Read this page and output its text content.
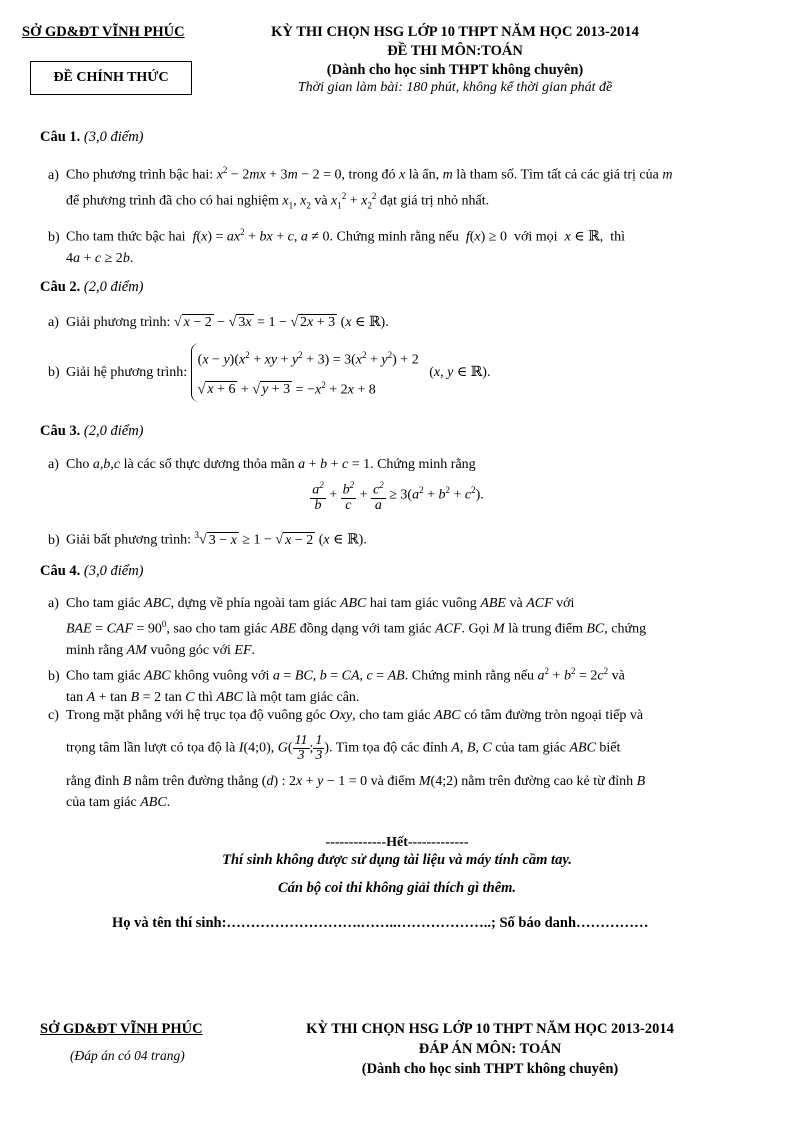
SỞ GD&ĐT VĨNH PHÚC	KỲ THI CHỌN HSG LỚP 10 THPT NĂM HỌC 2013-2014
ĐỀ THI MÔN:TOÁN
(Dành cho học sinh THPT không chuyên)
Thời gian làm bài: 180 phút, không kể thời gian phát đề
ĐỀ CHÍNH THỨC
Câu 1. (3,0 điểm)
a) Cho phương trình bậc hai: $x^2 - 2mx + 3m - 2 = 0$, trong đó x là ẩn, m là tham số. Tìm tất cả các giá trị của m
để phương trình đã cho có hai nghiệm $x_1$, $x_2$ và $x_1^2 + x_2^2$ đạt giá trị nhỏ nhất.
b) Cho tam thức bậc hai  $f(x) = ax^2$ + bx + c, a ≠ 0. Chứng minh rằng nếu  f(x) ≥ 0  với mọi  x ∈ ℝ,  thì
4a + c ≥ 2b.
Câu 2. (2,0 điểm)
a) Giải phương trình: √ x − 2 − √ 3x = 1 − √ 2x + 3 (x ∈ ℝ).
b) Giải hệ phương trình:
$(x - y)(x^2$ + xy + $y^2 + 3) = 3(x^2 + y^2) + 2$
√ x + 6 + √ $y + 3 = -x^2 + 2x + 8$
(x, y ∈ ℝ).
Câu 3. (2,0 điểm)
a) Cho a,b,c là các số thực dương thỏa mãn a + b + c = 1. Chứng minh rằng
$\frac{a^2}{b} + \frac{b^2}{c} + \frac{c^2}{a} \ge 3(a^2 + b^2 + c^2)$.
b) Giải bất phương trình: $^3$√ 3 − x ≥ 1 − √ x − 2 (x ∈ ℝ).
Câu 4. (3,0 điểm)
a) Cho tam giác ABC, dựng về phía ngoài tam giác ABC hai tam giác vuông ABE và ACF với
BAE = CAF = $90^0$, sao cho tam giác ABE đồng dạng với tam giác ACF. Gọi M là trung điểm BC, chứng
minh rằng AM vuông góc với EF.
b) Cho tam giác ABC không vuông với a = BC, b = CA, c = AB. Chứng minh rằng nếu $a^2 + b^2 = 2c^2$ và
tan A + tan B = 2 tan C thì ABC là một tam giác cân.
c) Trong mặt phẳng với hệ trục tọa độ vuông góc Oxy, cho tam giác ABC có tâm đường tròn ngoại tiếp và
trọng tâm lần lượt có tọa độ là I(4;0), $G( \frac{11}{3}$ ; $\frac{1}{3}$ ). Tìm tọa độ các đỉnh A, B, C của tam giác ABC biết
rằng đỉnh B nằm trên đường thẳng (d) : 2x + y − 1 = 0 và điểm M(4;2) nằm trên đường cao kẻ từ đỉnh B
của tam giác ABC.
-------------Hết-------------
Thí sinh không được sử dụng tài liệu và máy tính cầm tay.
Cán bộ coi thi không giải thích gì thêm.
Họ và tên thí sinh:……………………….……..………………..; Số báo danh……………
SỞ GD&ĐT VĨNH PHÚC
(Đáp án có 04 trang)
KỲ THI CHỌN HSG LỚP 10 THPT NĂM HỌC 2013-2014
ĐÁP ÁN MÔN: TOÁN
(Dành cho học sinh THPT không chuyên)
